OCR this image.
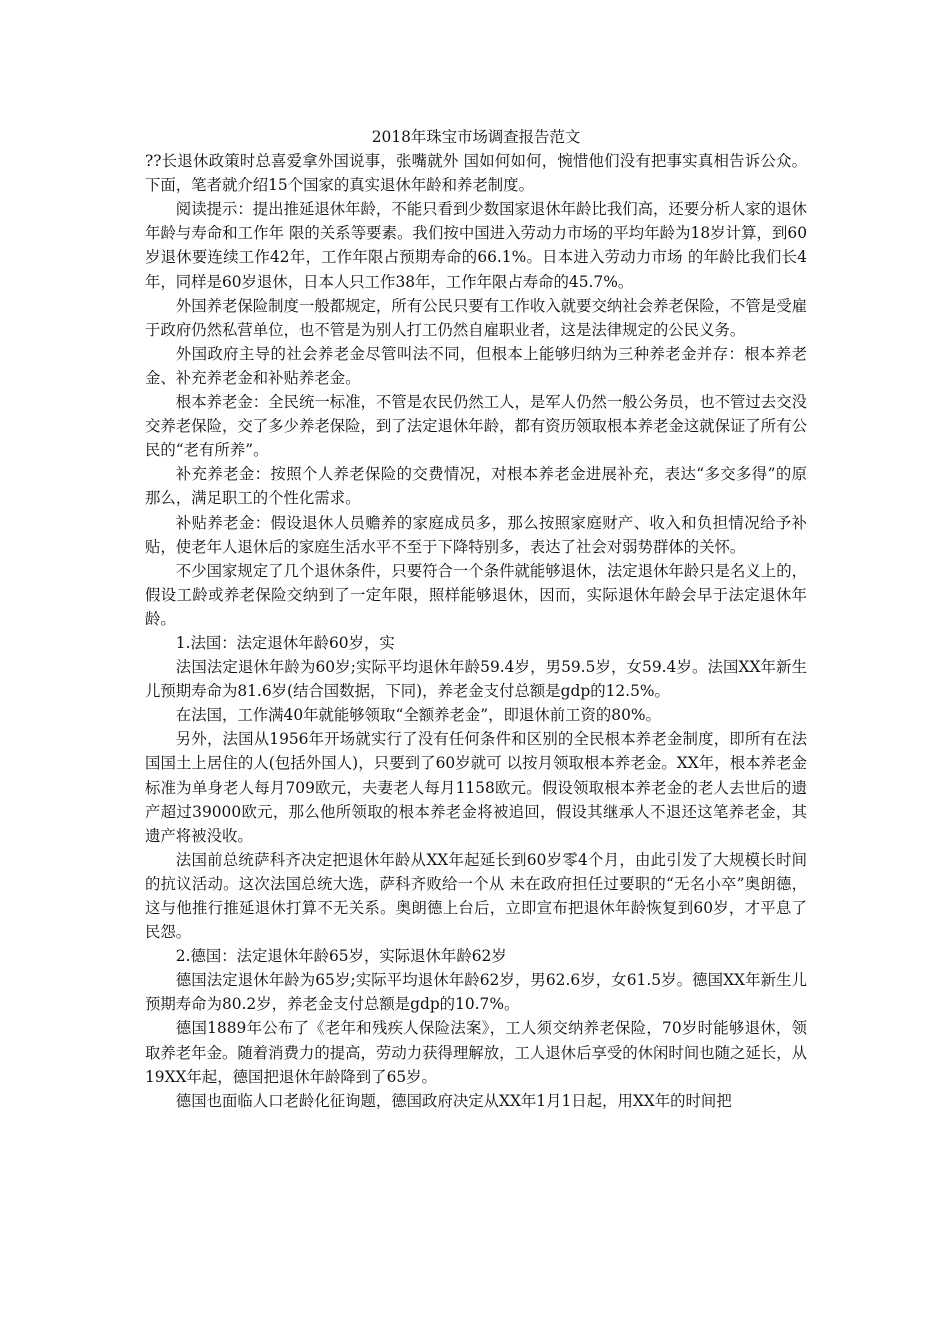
2018年珠宝市场调查报告范文

??长退休政策时总喜爱拿外国说事，张嘴就外 国如何如何，惋惜他们没有把事实真相告诉公众。下面，笔者就介绍15个国家的真实退休年龄和养老制度。

阅读提示：提出推延退休年龄，不能只看到少数国家退休年龄比我们高，还要分析人家的退休年龄与寿命和工作年 限的关系等要素。我们按中国进入劳动力市场的平均年龄为18岁计算，到60岁退休要连续工作42年，工作年限占预期寿命的66.1%。日本进入劳动力市场 的年龄比我们长4年，同样是60岁退休，日本人只工作38年，工作年限占寿命的45.7%。

外国养老保险制度一般都规定，所有公民只要有工作收入就要交纳社会养老保险，不管是受雇于政府仍然私营单位，也不管是为别人打工仍然自雇职业者，这是法律规定的公民义务。

外国政府主导的社会养老金尽管叫法不同，但根本上能够归纳为三种养老金并存：根本养老金、补充养老金和补贴养老金。

根本养老金：全民统一标准，不管是农民仍然工人，是军人仍然一般公务员，也不管过去交没交养老保险，交了多少养老保险，到了法定退休年龄，都有资历领取根本养老金这就保证了所有公民的“老有所养”。

补充养老金：按照个人养老保险的交费情况，对根本养老金进展补充，表达“多交多得”的原那么，满足职工的个性化需求。

补贴养老金：假设退休人员赡养的家庭成员多，那么按照家庭财产、收入和负担情况给予补贴，使老年人退休后的家庭生活水平不至于下降特别多，表达了社会对弱势群体的关怀。

不少国家规定了几个退休条件，只要符合一个条件就能够退休，法定退休年龄只是名义上的，假设工龄或养老保险交纳到了一定年限，照样能够退休，因而，实际退休年龄会早于法定退休年龄。

1.法国：法定退休年龄60岁，实

法国法定退休年龄为60岁;实际平均退休年龄59.4岁，男59.5岁，女59.4岁。法国XX年新生儿预期寿命为81.6岁(结合国数据，下同)，养老金支付总额是gdp的12.5%。

在法国，工作满40年就能够领取“全额养老金”，即退休前工资的80%。

另外，法国从1956年开场就实行了没有任何条件和区别的全民根本养老金制度，即所有在法国国土上居住的人(包括外国人)，只要到了60岁就可 以按月领取根本养老金。XX年，根本养老金标准为单身老人每月709欧元，夫妻老人每月1158欧元。假设领取根本养老金的老人去世后的遗产超过39000欧元，那么他所领取的根本养老金将被追回，假设其继承人不退还这笔养老金，其遗产将被没收。

法国前总统萨科齐决定把退休年龄从XX年起延长到60岁零4个月，由此引发了大规模长时间的抗议活动。这次法国总统大选，萨科齐败给一个从 未在政府担任过要职的“无名小卒”奥朗德，这与他推行推延退休打算不无关系。奥朗德上台后，立即宣布把退休年龄恢复到60岁，才平息了民怨。

2.德国：法定退休年龄65岁，实际退休年龄62岁

德国法定退休年龄为65岁;实际平均退休年龄62岁，男62.6岁，女61.5岁。德国XX年新生儿预期寿命为80.2岁，养老金支付总额是gdp的10.7%。

德国1889年公布了《老年和残疾人保险法案》，工人须交纳养老保险，70岁时能够退休，领取养老年金。随着消费力的提高，劳动力获得理解放，工人退休后享受的休闲时间也随之延长，从19XX年起，德国把退休年龄降到了65岁。

德国也面临人口老龄化征询题，德国政府决定从XX年1月1日起，用XX年的时间把
